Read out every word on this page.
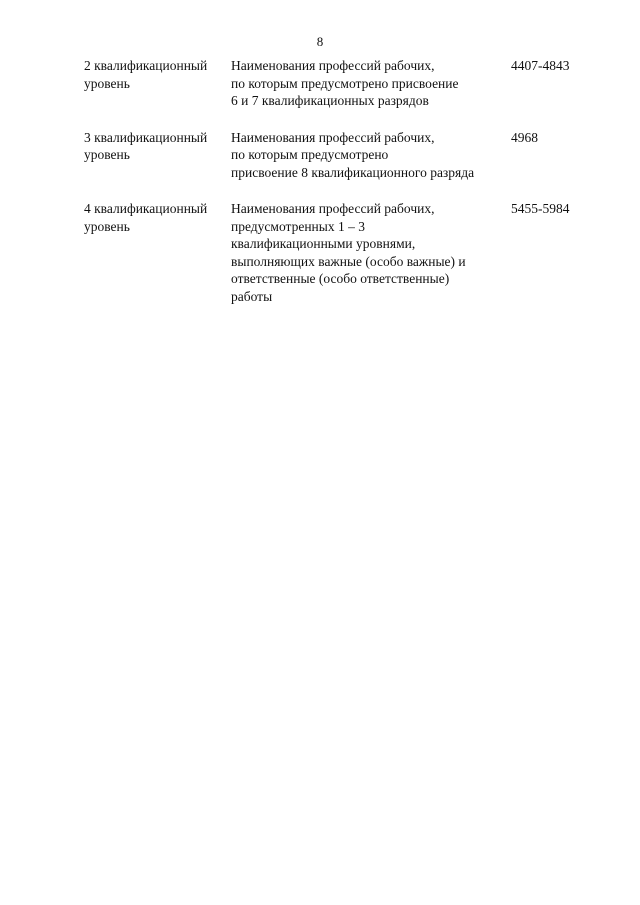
8
2 квалификационный
уровень
Наименования профессий рабочих,
по которым предусмотрено присвоение
6 и 7 квалификационных разрядов
4407-4843
3 квалификационный
уровень
Наименования профессий рабочих,
по которым предусмотрено
присвоение 8 квалификационного разряда
4968
4 квалификационный
уровень
Наименования профессий рабочих,
предусмотренных 1 – 3
квалификационными уровнями,
выполняющих важные (особо важные) и
ответственные (особо ответственные)
работы
5455-5984
